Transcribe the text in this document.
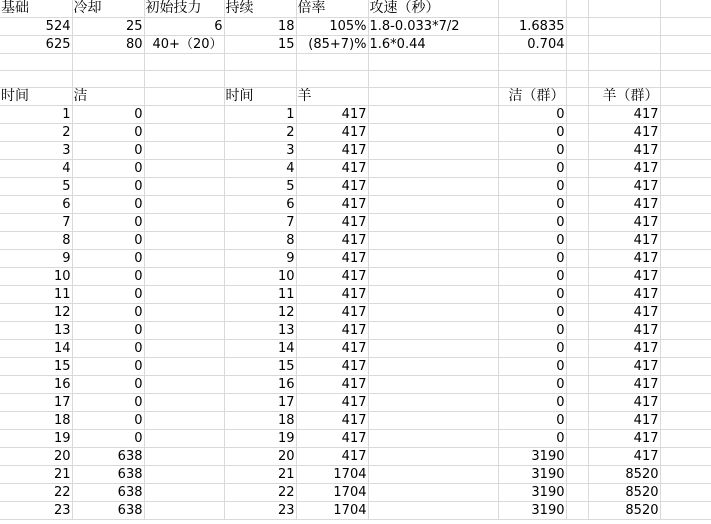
基础	冷却	初始技力	持续	倍率	攻速（秒）				
524	25	6	18	105%	1.8-0.033*7/2	1.6835			
625	80	40+（20）	15	(85+7)%	1.6*0.44	0.704			

时间	洁		时间	羊		洁（群）		羊（群）	
1	0		1	417		0		417	
2	0		2	417		0		417	
3	0		3	417		0		417	
4	0		4	417		0		417	
5	0		5	417		0		417	
6	0		6	417		0		417	
7	0		7	417		0		417	
8	0		8	417		0		417	
9	0		9	417		0		417	
10	0		10	417		0		417	
11	0		11	417		0		417	
12	0		12	417		0		417	
13	0		13	417		0		417	
14	0		14	417		0		417	
15	0		15	417		0		417	
16	0		16	417		0		417	
17	0		17	417		0		417	
18	0		18	417		0		417	
19	0		19	417		0		417	
20	638		20	417		3190		417	
21	638		21	1704		3190		8520	
22	638		22	1704		3190		8520	
23	638		23	1704		3190		8520	
